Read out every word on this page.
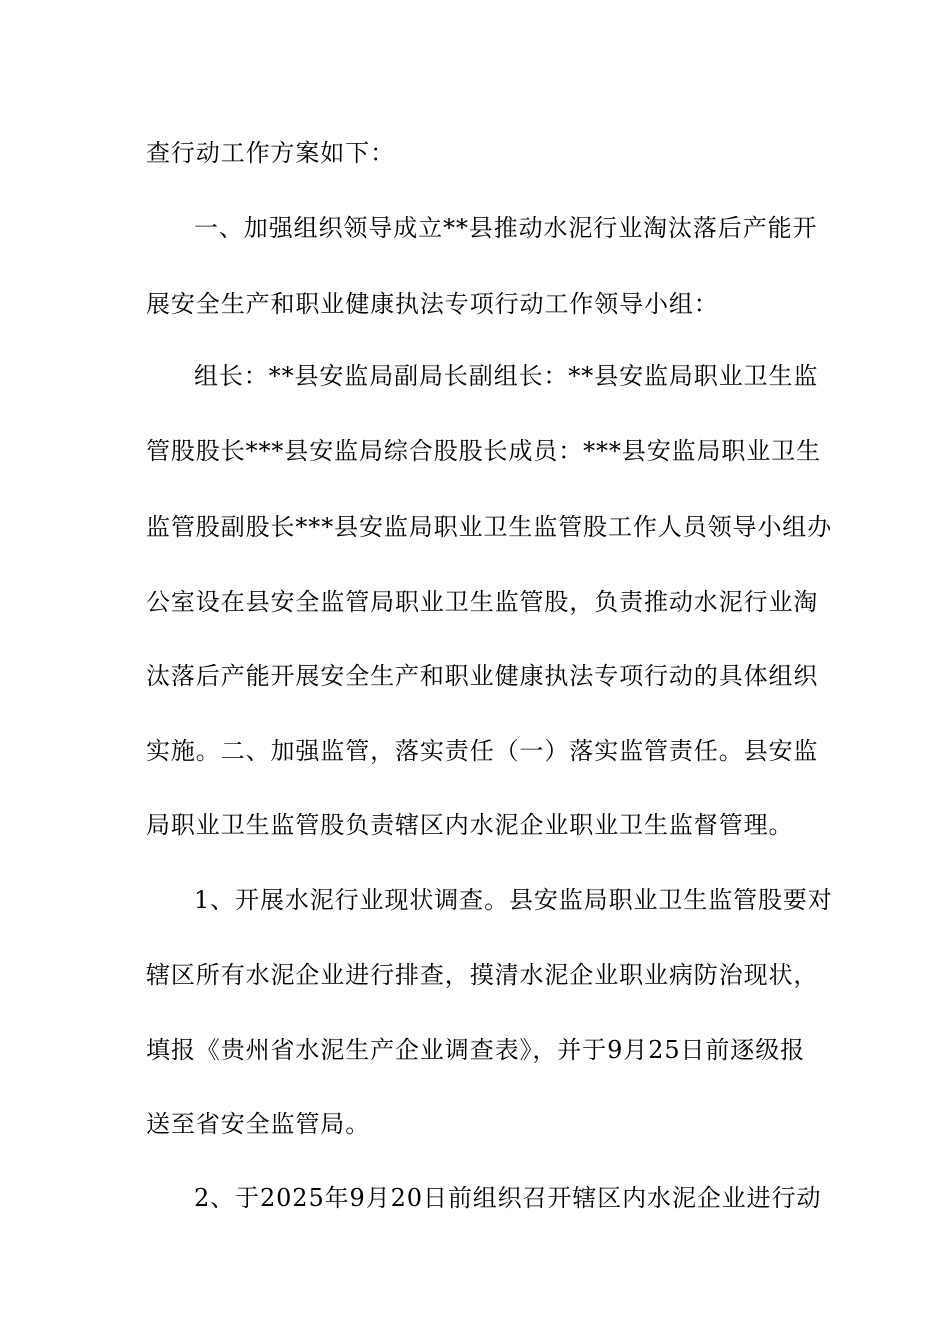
查行动工作方案如下：
一、加强组织领导成立**县推动水泥行业淘汰落后产能开
展安全生产和职业健康执法专项行动工作领导小组：
组长：**县安监局副局长副组长：**县安监局职业卫生监
管股股长***县安监局综合股股长成员：***县安监局职业卫生
监管股副股长***县安监局职业卫生监管股工作人员领导小组办
公室设在县安全监管局职业卫生监管股，负责推动水泥行业淘
汰落后产能开展安全生产和职业健康执法专项行动的具体组织
实施。二、加强监管，落实责任（一）落实监管责任。县安监
局职业卫生监管股负责辖区内水泥企业职业卫生监督管理。
1、开展水泥行业现状调查。县安监局职业卫生监管股要对
辖区所有水泥企业进行排查，摸清水泥企业职业病防治现状，
填报《贵州省水泥生产企业调查表》，并于9月25日前逐级报
送至省安全监管局。
2、于2025年9月20日前组织召开辖区内水泥企业进行动
